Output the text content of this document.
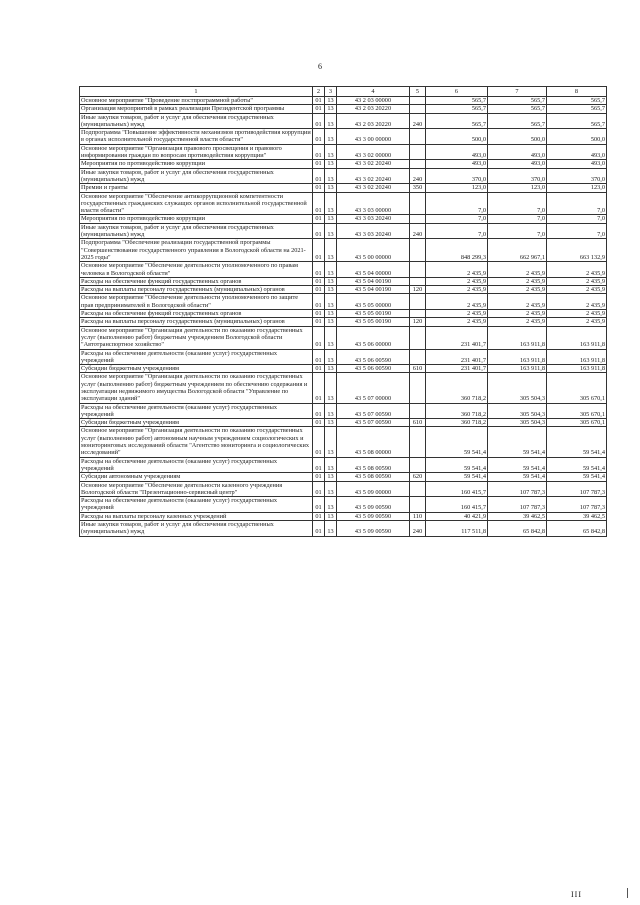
6
1	2	3	4	5	6	7	8
Основное мероприятие "Проведение постпрограммной работы"	01	13	43 2 03 00000		565,7	565,7	565,7
Организация мероприятий в рамках реализации Президентской программы	01	13	43 2 03 20220		565,7	565,7	565,7
Иные закупки товаров, работ и услуг для обеспечения государственных (муниципальных) нужд	01	13	43 2 03 20220	240	565,7	565,7	565,7
Подпрограмма "Повышение эффективности механизмов противодействия коррупции в органах исполнительной государственной власти области"	01	13	43 3 00 00000		500,0	500,0	500,0
Основное мероприятие "Организация правового просвещения и правового информирования граждан по вопросам противодействия коррупции"	01	13	43 3 02 00000		493,0	493,0	493,0
Мероприятия по противодействию коррупции	01	13	43 3 02 20240		493,0	493,0	493,0
Иные закупки товаров, работ и услуг для обеспечения государственных (муниципальных) нужд	01	13	43 3 02 20240	240	370,0	370,0	370,0
Премии и гранты	01	13	43 3 02 20240	350	123,0	123,0	123,0
Основное мероприятие "Обеспечение антикоррупционной компетентности государственных гражданских служащих органов исполнительной государственной власти области"	01	13	43 3 03 00000		7,0	7,0	7,0
Мероприятия по противодействию коррупции	01	13	43 3 03 20240		7,0	7,0	7,0
Иные закупки товаров, работ и услуг для обеспечения государственных (муниципальных) нужд	01	13	43 3 03 20240	240	7,0	7,0	7,0
Подпрограмма "Обеспечение реализации государственной программы "Совершенствование государственного управления в Вологодской области на 2021-2025 годы"	01	13	43 5 00 00000		848 299,3	662 967,1	663 132,9
Основное мероприятие "Обеспечение деятельности уполномоченного по правам человека в Вологодской области"	01	13	43 5 04 00000		2 435,9	2 435,9	2 435,9
Расходы на обеспечение функций государственных органов	01	13	43 5 04 00190		2 435,9	2 435,9	2 435,9
Расходы на выплаты персоналу государственных (муниципальных) органов	01	13	43 5 04 00190	120	2 435,9	2 435,9	2 435,9
Основное мероприятие "Обеспечение деятельности уполномоченного по защите прав предпринимателей в Вологодской области"	01	13	43 5 05 00000		2 435,9	2 435,9	2 435,9
Расходы на обеспечение функций государственных органов	01	13	43 5 05 00190		2 435,9	2 435,9	2 435,9
Расходы на выплаты персоналу государственных (муниципальных) органов	01	13	43 5 05 00190	120	2 435,9	2 435,9	2 435,9
Основное мероприятие "Организация деятельности по оказанию государственных услуг (выполнению работ) бюджетным учреждением Вологодской области "Автотранспортное хозяйство"	01	13	43 5 06 00000		231 401,7	163 911,8	163 911,8
Расходы на обеспечение деятельности (оказание услуг) государственных учреждений	01	13	43 5 06 00590		231 401,7	163 911,8	163 911,8
Субсидии бюджетным учреждениям	01	13	43 5 06 00590	610	231 401,7	163 911,8	163 911,8
Основное мероприятие "Организация деятельности по оказанию государственных услуг (выполнению работ) бюджетным учреждением по обеспечению содержания и эксплуатации недвижимого имущества Вологодской области "Управление по эксплуатации зданий"	01	13	43 5 07 00000		360 718,2	305 504,3	305 670,1
Расходы на обеспечение деятельности (оказание услуг) государственных учреждений	01	13	43 5 07 00590		360 718,2	305 504,3	305 670,1
Субсидии бюджетным учреждениям	01	13	43 5 07 00590	610	360 718,2	305 504,3	305 670,1
Основное мероприятие "Организация деятельности по оказанию государственных услуг (выполнению работ) автономным научным учреждением социологических и мониторинговых исследований области "Агентство мониторинга и социологических исследований"	01	13	43 5 08 00000		59 541,4	59 541,4	59 541,4
Расходы на обеспечение деятельности (оказание услуг) государственных учреждений	01	13	43 5 08 00590		59 541,4	59 541,4	59 541,4
Субсидии автономным учреждениям	01	13	43 5 08 00590	620	59 541,4	59 541,4	59 541,4
Основное мероприятие "Обеспечение деятельности казенного учреждения Вологодской области "Презентационно-сервисный центр"	01	13	43 5 09 00000		160 415,7	107 787,3	107 787,3
Расходы на обеспечение деятельности (оказание услуг) государственных учреждений	01	13	43 5 09 00590		160 415,7	107 787,3	107 787,3
Расходы на выплаты персоналу казенных учреждений	01	13	43 5 09 00590	110	40 421,9	39 462,5	39 462,5
Иные закупки товаров, работ и услуг для обеспечения государственных (муниципальных) нужд	01	13	43 5 09 00590	240	117 511,8	65 842,8	65 842,8
III
